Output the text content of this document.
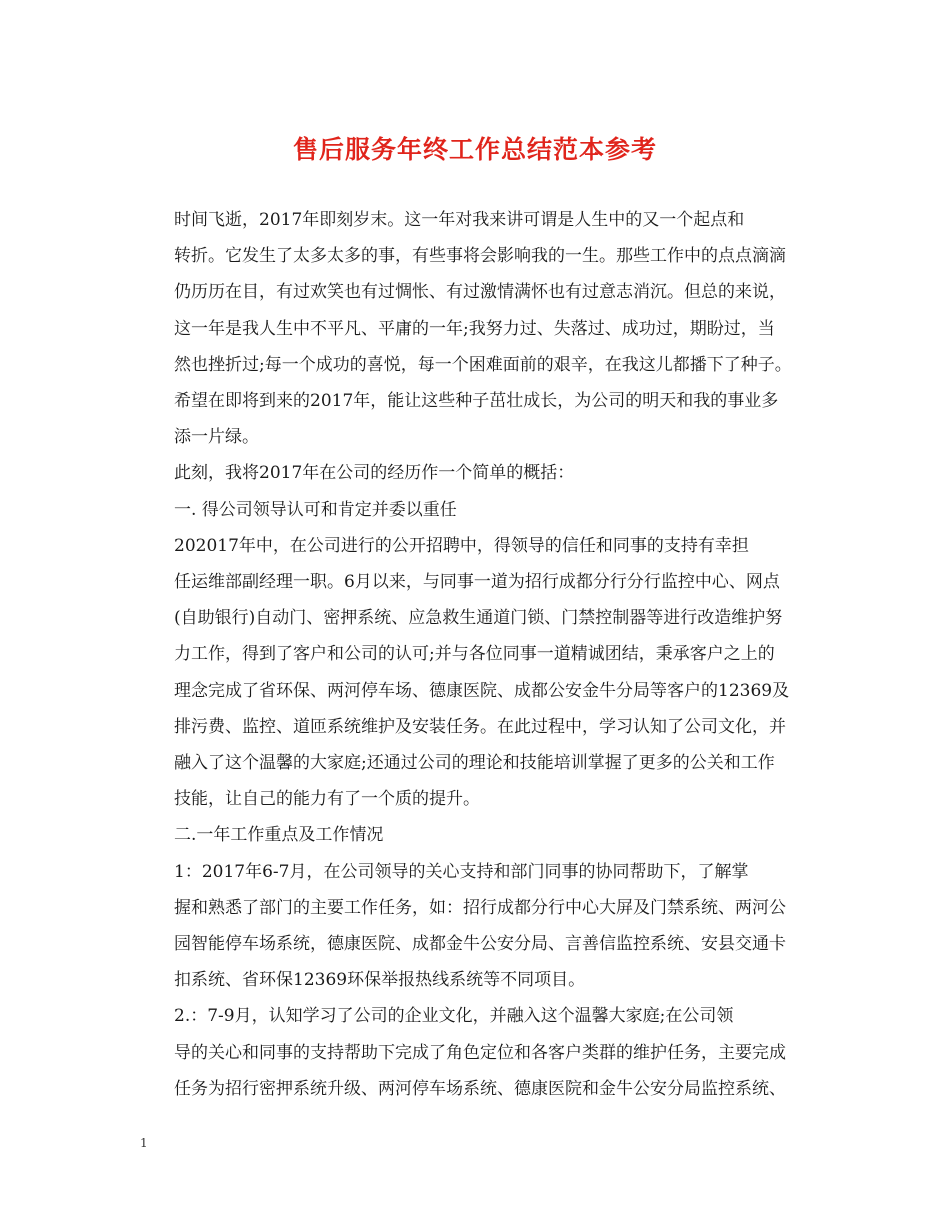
售后服务年终工作总结范本参考

时间飞逝，2017年即刻岁末。这一年对我来讲可谓是人生中的又一个起点和
转折。它发生了太多太多的事，有些事将会影响我的一生。那些工作中的点点滴滴
仍历历在目，有过欢笑也有过惆怅、有过激情满怀也有过意志消沉。但总的来说，
这一年是我人生中不平凡、平庸的一年;我努力过、失落过、成功过，期盼过，当
然也挫折过;每一个成功的喜悦，每一个困难面前的艰辛，在我这儿都播下了种子。
希望在即将到来的2017年，能让这些种子茁壮成长，为公司的明天和我的事业多
添一片绿。

此刻，我将2017年在公司的经历作一个简单的概括：

一. 得公司领导认可和肯定并委以重任

202017年中，在公司进行的公开招聘中，得领导的信任和同事的支持有幸担
任运维部副经理一职。6月以来，与同事一道为招行成都分行分行监控中心、网点
(自助银行)自动门、密押系统、应急救生通道门锁、门禁控制器等进行改造维护努
力工作，得到了客户和公司的认可;并与各位同事一道精诚团结，秉承客户之上的
理念完成了省环保、两河停车场、德康医院、成都公安金牛分局等客户的12369及
排污费、监控、道匝系统维护及安装任务。在此过程中，学习认知了公司文化，并
融入了这个温馨的大家庭;还通过公司的理论和技能培训掌握了更多的公关和工作
技能，让自己的能力有了一个质的提升。

二.一年工作重点及工作情况

1：2017年6-7月，在公司领导的关心支持和部门同事的协同帮助下，了解掌
握和熟悉了部门的主要工作任务，如：招行成都分行中心大屏及门禁系统、两河公
园智能停车场系统，德康医院、成都金牛公安分局、言善信监控系统、安县交通卡
扣系统、省环保12369环保举报热线系统等不同项目。

2.：7-9月，认知学习了公司的企业文化，并融入这个温馨大家庭;在公司领
导的关心和同事的支持帮助下完成了角色定位和各客户类群的维护任务，主要完成
任务为招行密押系统升级、两河停车场系统、德康医院和金牛公安分局监控系统、

1
